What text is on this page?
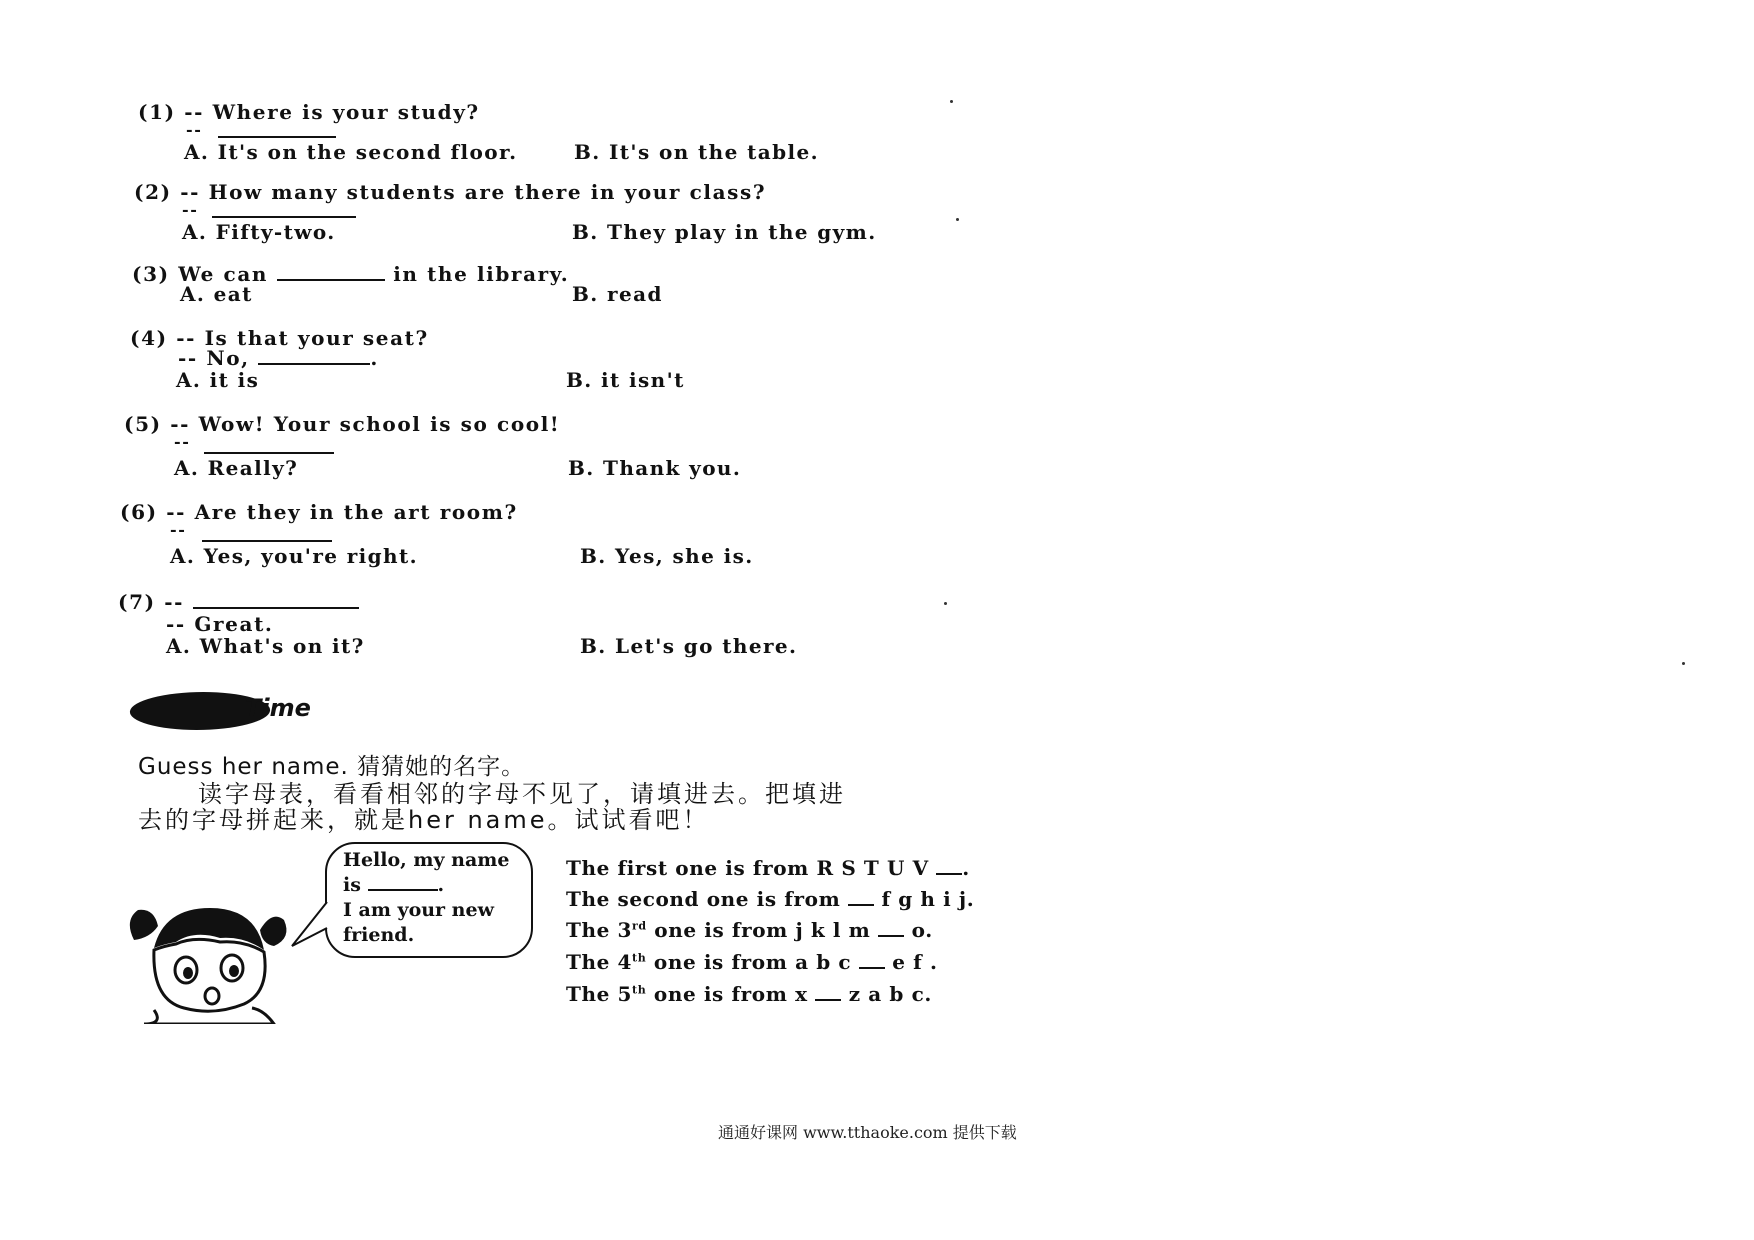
(1) -- Where is your study?
--
A. It's on the second floor.	B. It's on the table.
(2) -- How many students are there in your class?
--
A. Fifty-two.	B. They play in the gym.
(3) We can	in the library.
A. eat	B. read
(4) -- Is that your seat?
-- No,	.
A. it is	B. it isn't
(5) -- Wow! Your school is so cool!
--
A. Really?	B. Thank you.
(6) -- Are they in the art room?
--
A. Yes, you're right.	B. Yes, she is.
(7) --
-- Great.
A. What's on it?	B. Let's go there.
Time
Guess her name. 猜猜她的名字。
读字母表，看看相邻的字母不见了，请填进去。把填进
去的字母拼起来，就是her name。试试看吧！
Hello, my name
is	.
I am your new
friend.
The first one is from R S T U V .
The second one is from f g h i j.
The 3rd one is from j k l m o.
The 4th one is from a b c e f .
The 5th one is from x z a b c.
通通好课网 www.tthaoke.com 提供下载
